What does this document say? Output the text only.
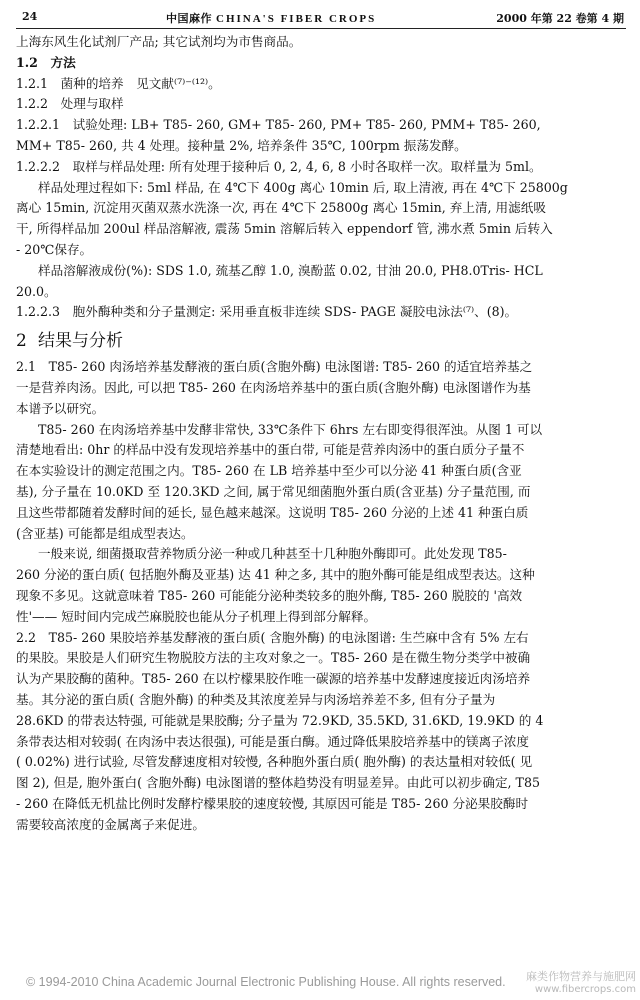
24	中国麻作 CHINA'S FIBER CROPS	2000 年第 22 卷第 4 期
上海东风生化试剂厂产品; 其它试剂均为市售商品。
1.2　方法
1.2.1　菌种的培养　见文献⁽⁷⁾⁻⁽¹²⁾。
1.2.2　处理与取样
1.2.2.1　试验处理: LB+ T85- 260, GM+ T85- 260, PM+ T85- 260, PMM+ T85- 260,
MM+ T85- 260, 共 4 处理。接种量 2%, 培养条件 35℃, 100rpm 振荡发酵。
1.2.2.2　取样与样品处理: 所有处理于接种后 0, 2, 4, 6, 8 小时各取样一次。取样量为 5ml。
样品处理过程如下: 5ml 样品, 在 4℃下 400g 离心 10min 后, 取上清液, 再在 4℃下 25800g
离心 15min, 沉淀用灭菌双蒸水洗涤一次, 再在 4℃下 25800g 离心 15min, 弃上清, 用滤纸吸
干, 所得样品加 200ul 样品溶解液, 震荡 5min 溶解后转入 eppendorf 管, 沸水煮 5min 后转入
- 20℃保存。
样品溶解液成份(%): SDS 1.0, 巯基乙醇 1.0, 溴酚蓝 0.02, 甘油 20.0, PH8.0Tris- HCL
20.0。
1.2.2.3　胞外酶种类和分子量测定: 采用垂直板非连续 SDS- PAGE 凝胶电泳法⁽⁷⁾、(8)。
2 结果与分析
2.1　T85- 260 肉汤培养基发酵液的蛋白质(含胞外酶) 电泳图谱: T85- 260 的适宜培养基之
一是营养肉汤。因此, 可以把 T85- 260 在肉汤培养基中的蛋白质(含胞外酶) 电泳图谱作为基
本谱予以研究。
T85- 260 在肉汤培养基中发酵非常快, 33℃条件下 6hrs 左右即变得很浑浊。从图 1 可以
清楚地看出: 0hr 的样品中没有发现培养基中的蛋白带, 可能是营养肉汤中的蛋白质分子量不
在本实验设计的测定范围之内。T85- 260 在 LB 培养基中至少可以分泌 41 种蛋白质(含亚
基), 分子量在 10.0KD 至 120.3KD 之间, 属于常见细菌胞外蛋白质(含亚基) 分子量范围, 而
且这些带都随着发酵时间的延长, 显色越来越深。这说明 T85- 260 分泌的上述 41 种蛋白质
(含亚基) 可能都是组成型表达。
一般来说, 细菌摄取营养物质分泌一种或几种甚至十几种胞外酶即可。此处发现 T85-
260 分泌的蛋白质( 包括胞外酶及亚基) 达 41 种之多, 其中的胞外酶可能是组成型表达。这种
现象不多见。这就意味着 T85- 260 可能能分泌种类较多的胞外酶, T85- 260 脱胶的 '高效
性'—— 短时间内完成苎麻脱胶也能从分子机理上得到部分解释。
2.2　T85- 260 果胶培养基发酵液的蛋白质( 含胞外酶) 的电泳图谱: 生苎麻中含有 5% 左右
的果胶。果胶是人们研究生物脱胶方法的主攻对象之一。T85- 260 是在微生物分类学中被确
认为产果胶酶的菌种。T85- 260 在以柠檬果胶作唯一碳源的培养基中发酵速度接近肉汤培养
基。其分泌的蛋白质( 含胞外酶) 的种类及其浓度差异与肉汤培养差不多, 但有分子量为
28.6KD 的带表达特强, 可能就是果胶酶; 分子量为 72.9KD, 35.5KD, 31.6KD, 19.9KD 的 4
条带表达相对较弱( 在肉汤中表达很强), 可能是蛋白酶。通过降低果胶培养基中的镁离子浓度
( 0.02%) 进行试验, 尽管发酵速度相对较慢, 各种胞外蛋白质( 胞外酶) 的表达量相对较低( 见
图 2), 但是, 胞外蛋白( 含胞外酶) 电泳图谱的整体趋势没有明显差异。由此可以初步确定, T85
- 260 在降低无机盐比例时发酵柠檬果胶的速度较慢, 其原因可能是 T85- 260 分泌果胶酶时
需要较高浓度的金属离子来促进。
© 1994-2010 China Academic Journal Electronic Publishing House. All rights reserved. 麻类作物营养与施肥网
www.fibercrops.com
